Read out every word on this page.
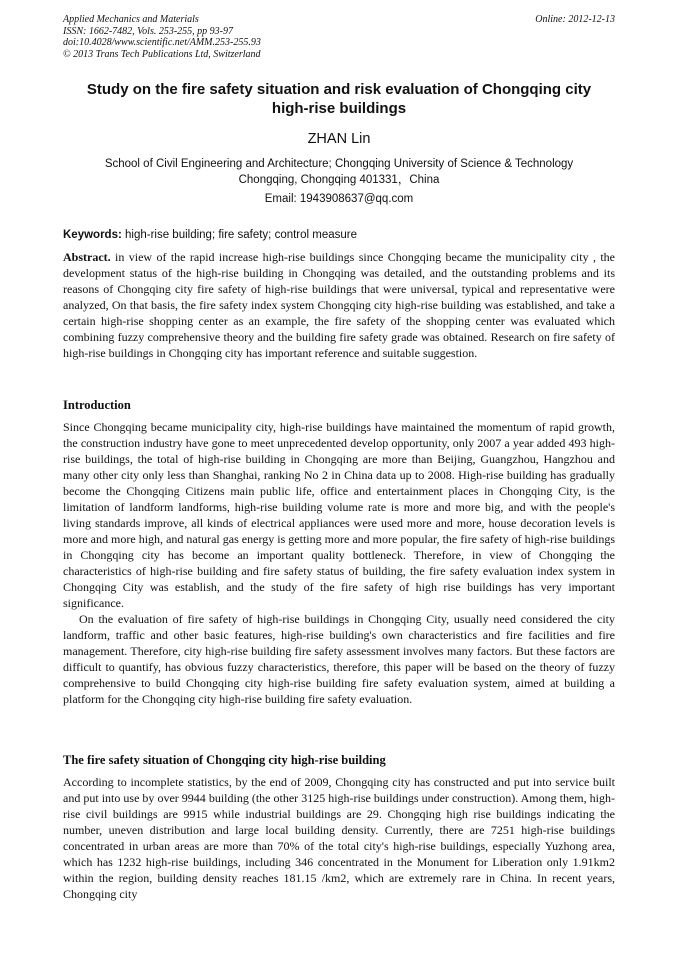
Applied Mechanics and Materials
ISSN: 1662-7482, Vols. 253-255, pp 93-97
doi:10.4028/www.scientific.net/AMM.253-255.93
© 2013 Trans Tech Publications Ltd, Switzerland
Online: 2012-12-13
Study on the fire safety situation and risk evaluation of Chongqing city
high-rise buildings
ZHAN Lin
School of Civil Engineering and Architecture; Chongqing University of Science & Technology
Chongqing, Chongqing 401331，China
Email: 1943908637@qq.com
Keywords: high-rise building; fire safety; control measure
Abstract. in view of the rapid increase high-rise buildings since Chongqing became the municipality city , the development status of the high-rise building in Chongqing was detailed, and the outstanding problems and its reasons of Chongqing city fire safety of high-rise buildings that were universal, typical and representative were analyzed, On that basis, the fire safety index system Chongqing city high-rise building was established, and take a certain high-rise shopping center as an example, the fire safety of the shopping center was evaluated which combining fuzzy comprehensive theory and the building fire safety grade was obtained. Research on fire safety of high-rise buildings in Chongqing city has important reference and suitable suggestion.
Introduction

Since Chongqing became municipality city, high-rise buildings have maintained the momentum of rapid growth, the construction industry have gone to meet unprecedented develop opportunity, only 2007 a year added 493 high-rise buildings, the total of high-rise building in Chongqing are more than Beijing, Guangzhou, Hangzhou and many other city only less than Shanghai, ranking No 2 in China data up to 2008. High-rise building has gradually become the Chongqing Citizens main public life, office and entertainment places in Chongqing City, is the limitation of landform landforms, high-rise building volume rate is more and more big, and with the people's living standards improve, all kinds of electrical appliances were used more and more, house decoration levels is more and more high, and natural gas energy is getting more and more popular, the fire safety of high-rise buildings in Chongqing city has become an important quality bottleneck. Therefore, in view of Chongqing the characteristics of high-rise building and fire safety status of building, the fire safety evaluation index system in Chongqing City was establish, and the study of the fire safety of high rise buildings has very important significance.

On the evaluation of fire safety of high-rise buildings in Chongqing City, usually need considered the city landform, traffic and other basic features, high-rise building's own characteristics and fire facilities and fire management. Therefore, city high-rise building fire safety assessment involves many factors. But these factors are difficult to quantify, has obvious fuzzy characteristics, therefore, this paper will be based on the theory of fuzzy comprehensive to build Chongqing city high-rise building fire safety evaluation system, aimed at building a platform for the Chongqing city high-rise building fire safety evaluation.

The fire safety situation of Chongqing city high-rise building

According to incomplete statistics, by the end of 2009, Chongqing city has constructed and put into service built and put into use by over 9944 building (the other 3125 high-rise buildings under construction). Among them, high-rise civil buildings are 9915 while industrial buildings are 29. Chongqing high rise buildings indicating the number, uneven distribution and large local building density. Currently, there are 7251 high-rise buildings concentrated in urban areas are more than 70% of the total city's high-rise buildings, especially Yuzhong area, which has 1232 high-rise buildings, including 346 concentrated in the Monument for Liberation only 1.91km2 within the region, building density reaches 181.15 /km2, which are extremely rare in China. In recent years, Chongqing city
